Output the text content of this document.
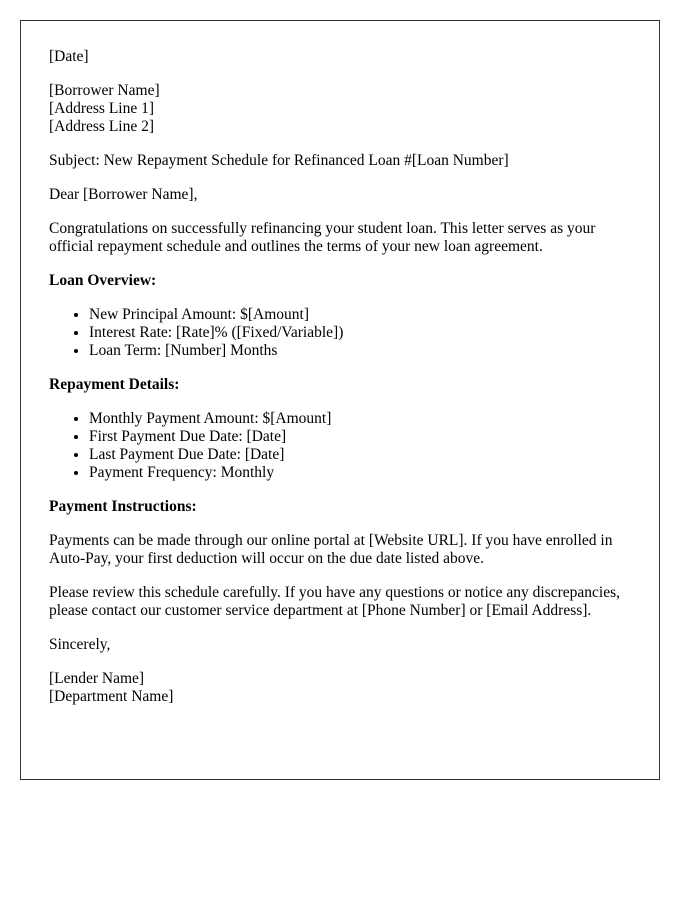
[Date]
[Borrower Name]
[Address Line 1]
[Address Line 2]
Subject: New Repayment Schedule for Refinanced Loan #[Loan Number]
Dear [Borrower Name],

Congratulations on successfully refinancing your student loan. This letter serves as your official repayment schedule and outlines the terms of your new loan agreement.

Loan Overview:
• New Principal Amount: $[Amount]
• Interest Rate: [Rate]% ([Fixed/Variable])
• Loan Term: [Number] Months
Repayment Details:
• Monthly Payment Amount: $[Amount]
• First Payment Due Date: [Date]
• Last Payment Due Date: [Date]
• Payment Frequency: Monthly
Payment Instructions:

Payments can be made through our online portal at [Website URL]. If you have enrolled in Auto-Pay, your first deduction will occur on the due date listed above.

Please review this schedule carefully. If you have any questions or notice any discrepancies, please contact our customer service department at [Phone Number] or [Email Address].

Sincerely,
[Lender Name]
[Department Name]
